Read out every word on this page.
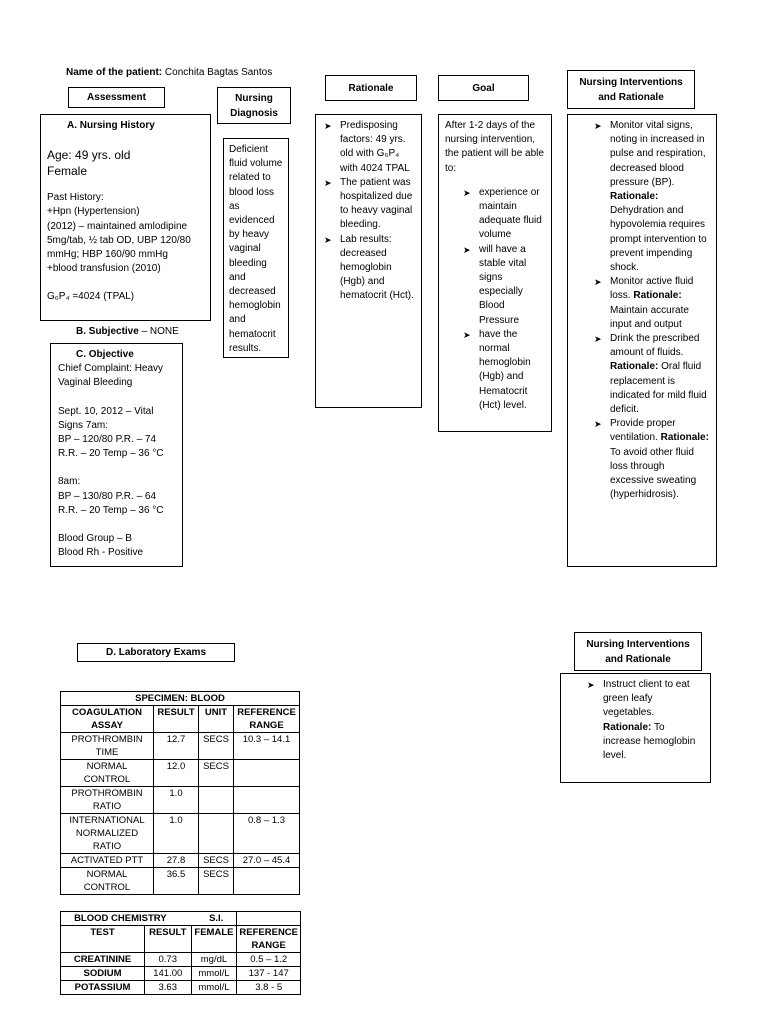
Name of the patient: Conchita Bagtas Santos
Assessment	Nursing Diagnosis
Rationale	Goal
Nursing Interventions and Rationale
A. Nursing History
Age: 49 yrs. old
Female
Past History:
+Hpn (Hypertension)
(2012) – maintained amlodipine
5mg/tab, ½ tab OD, UBP 120/80
mmHg; HBP 160/90 mmHg
+blood transfusion (2010)
G₆P₄ =4024 (TPAL)
B. Subjective – NONE
C. Objective
Chief Complaint: Heavy
Vaginal Bleeding
Sept. 10, 2012 – Vital
Signs 7am:
BP – 120/80 P.R. – 74
R.R. – 20 Temp – 36 °C
8am:
BP – 130/80 P.R. – 64
R.R. – 20 Temp – 36 °C
Blood Group – B
Blood Rh - Positive
Deficient fluid volume related to blood loss as evidenced by heavy vaginal bleeding and decreased hemoglobin and hematocrit results.
➤ Predisposing factors: 49 yrs. old with G₆P₄ with 4024 TPAL
➤ The patient was hospitalized due to heavy vaginal bleeding.
➤ Lab results: decreased hemoglobin (Hgb) and hematocrit (Hct).
After 1-2 days of the nursing intervention, the patient will be able to:
➤ experience or maintain adequate fluid volume
➤ will have a stable vital signs especially Blood Pressure
➤ have the normal hemoglobin (Hgb) and Hematocrit (Hct) level.
➤ Monitor vital signs, noting in increased in pulse and respiration, decreased blood pressure (BP). Rationale: Dehydration and hypovolemia requires prompt intervention to prevent impending shock.
➤ Monitor active fluid loss. Rationale: Maintain accurate input and output
➤ Drink the prescribed amount of fluids. Rationale: Oral fluid replacement is indicated for mild fluid deficit.
➤ Provide proper ventilation. Rationale: To avoid other fluid loss through excessive sweating (hyperhidrosis).
Nursing Interventions and Rationale
➤ Instruct client to eat green leafy vegetables. Rationale: To increase hemoglobin level.
D. Laboratory Exams
SPECIMEN: BLOOD			
COAGULATION ASSAY	RESULT	UNIT	REFERENCE RANGE
PROTHROMBIN TIME	12.7	SECS	10.3 – 14.1
NORMAL CONTROL	12.0	SECS	
PROTHROMBIN RATIO	1.0		
INTERNATIONAL NORMALIZED RATIO	1.0		0.8 – 1.3
ACTIVATED PTT	27.8	SECS	27.0 – 45.4
NORMAL CONTROL	36.5	SECS	
BLOOD CHEMISTRY S.I.			
TEST	RESULT	FEMALE	REFERENCE RANGE
CREATININE	0.73	mg/dL	0.5 – 1.2
SODIUM	141.00	mmol/L	137 - 147
POTASSIUM	3.63	mmol/L	3.8 - 5
